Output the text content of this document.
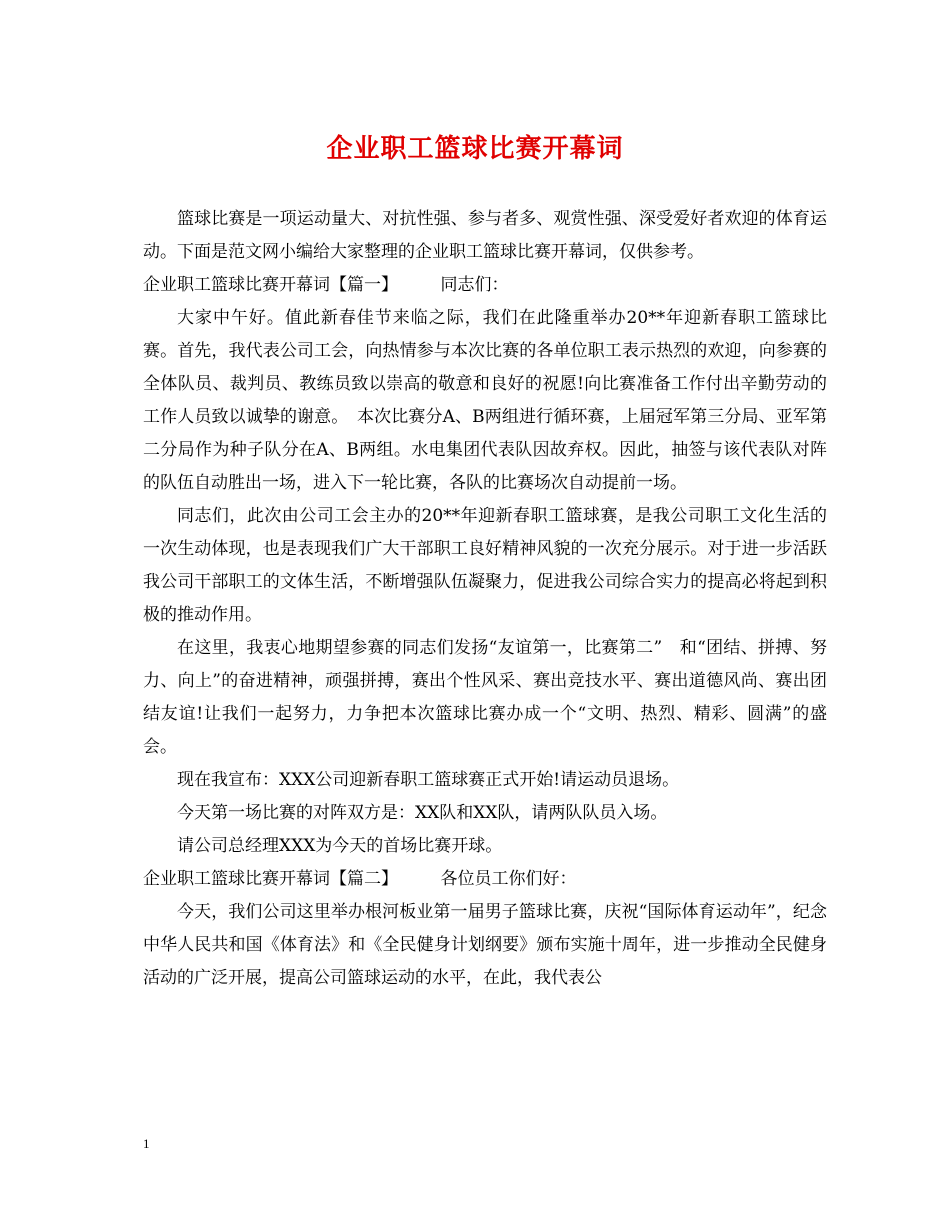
企业职工篮球比赛开幕词

篮球比赛是一项运动量大、对抗性强、参与者多、观赏性强、深受爱好者欢迎的体育运动。下面是范文网小编给大家整理的企业职工篮球比赛开幕词，仅供参考。

企业职工篮球比赛开幕词【篇一】　　　同志们：

大家中午好。值此新春佳节来临之际，我们在此隆重举办20**年迎新春职工篮球比赛。首先，我代表公司工会，向热情参与本次比赛的各单位职工表示热烈的欢迎，向参赛的全体队员、裁判员、教练员致以崇高的敬意和良好的祝愿!向比赛准备工作付出辛勤劳动的工作人员致以诚挚的谢意。　本次比赛分A、B两组进行循环赛，上届冠军第三分局、亚军第二分局作为种子队分在A、B两组。水电集团代表队因故弃权。因此，抽签与该代表队对阵的队伍自动胜出一场，进入下一轮比赛，各队的比赛场次自动提前一场。

同志们，此次由公司工会主办的20**年迎新春职工篮球赛，是我公司职工文化生活的一次生动体现，也是表现我们广大干部职工良好精神风貌的一次充分展示。对于进一步活跃我公司干部职工的文体生活，不断增强队伍凝聚力，促进我公司综合实力的提高必将起到积极的推动作用。

在这里，我衷心地期望参赛的同志们发扬“友谊第一，比赛第二”　和“团结、拼搏、努力、向上”的奋进精神，顽强拼搏，赛出个性风采、赛出竞技水平、赛出道德风尚、赛出团结友谊!让我们一起努力，力争把本次篮球比赛办成一个“文明、热烈、精彩、圆满”的盛会。

现在我宣布：XXX公司迎新春职工篮球赛正式开始!请运动员退场。

今天第一场比赛的对阵双方是：XX队和XX队，请两队队员入场。

请公司总经理XXX为今天的首场比赛开球。

企业职工篮球比赛开幕词【篇二】　　　各位员工你们好：

今天，我们公司这里举办根河板业第一届男子篮球比赛，庆祝“国际体育运动年”，纪念中华人民共和国《体育法》和《全民健身计划纲要》颁布实施十周年，进一步推动全民健身活动的广泛开展，提高公司篮球运动的水平，在此，我代表公

1
